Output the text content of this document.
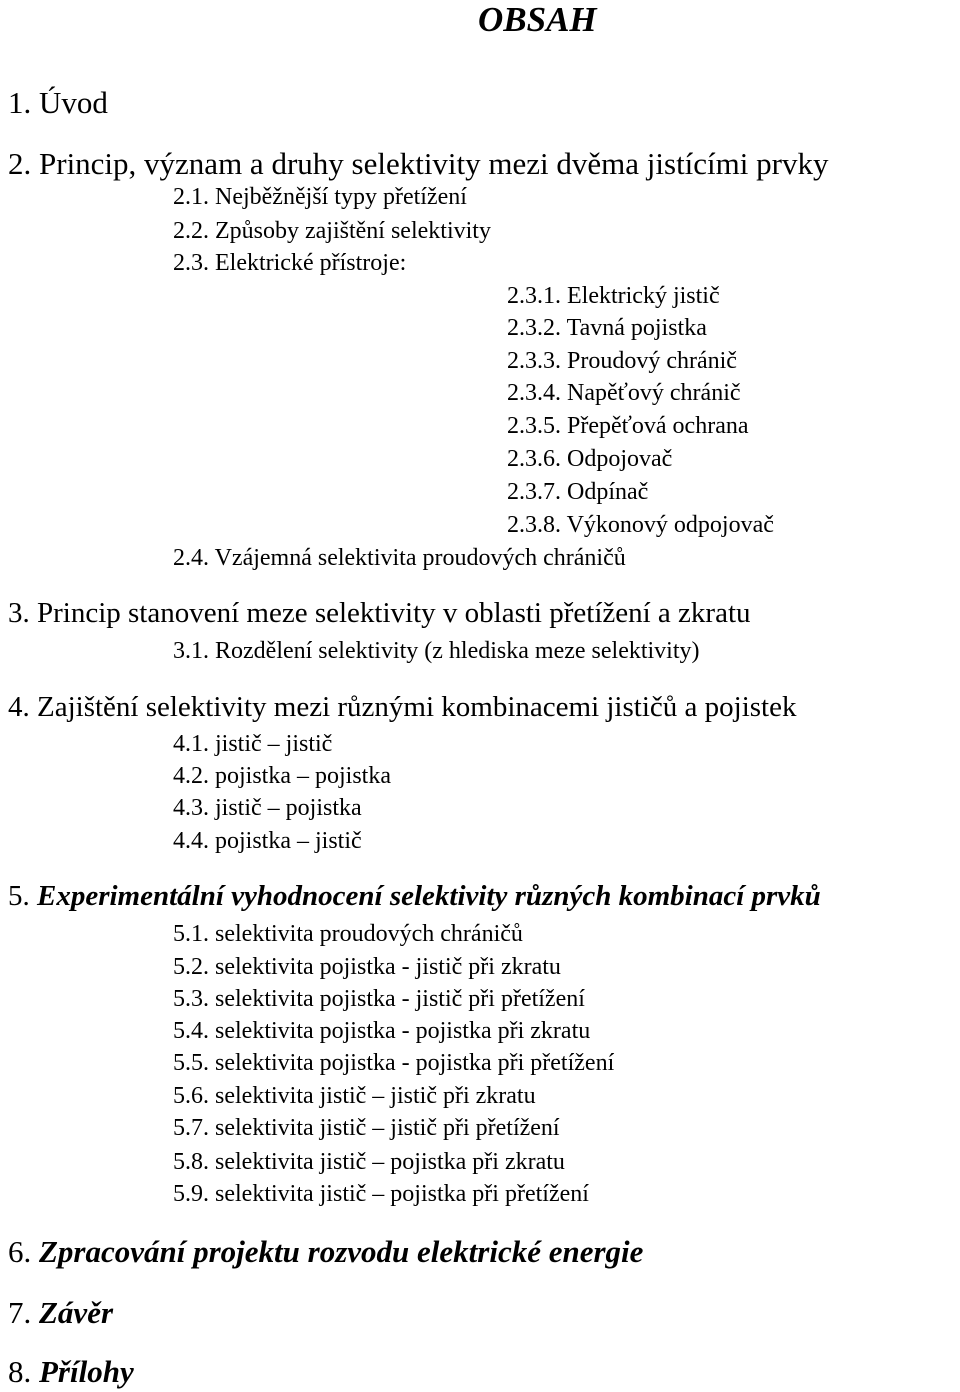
OBSAH
1. Úvod
2. Princip, význam a druhy selektivity mezi dvěma jistícími prvky
2.1. Nejběžnější typy přetížení
2.2. Způsoby zajištění selektivity
2.3. Elektrické přístroje:
2.3.1. Elektrický jistič
2.3.2. Tavná pojistka
2.3.3. Proudový chránič
2.3.4. Napěťový chránič
2.3.5. Přepěťová ochrana
2.3.6. Odpojovač
2.3.7. Odpínač
2.3.8. Výkonový odpojovač
2.4. Vzájemná selektivita proudových chráničů
3. Princip stanovení meze selektivity v oblasti přetížení a zkratu
3.1. Rozdělení selektivity (z hlediska meze selektivity)
4. Zajištění selektivity mezi různými kombinacemi jističů a pojistek
4.1. jistič – jistič
4.2. pojistka – pojistka
4.3. jistič – pojistka
4.4. pojistka – jistič
5. Experimentální vyhodnocení selektivity různých kombinací prvků
5.1. selektivita proudových chráničů
5.2. selektivita pojistka - jistič při zkratu
5.3. selektivita pojistka - jistič při přetížení
5.4. selektivita pojistka - pojistka při zkratu
5.5. selektivita pojistka - pojistka při přetížení
5.6. selektivita jistič – jistič při zkratu
5.7. selektivita jistič – jistič při přetížení
5.8. selektivita jistič – pojistka při zkratu
5.9. selektivita jistič – pojistka při přetížení
6. Zpracování projektu rozvodu elektrické energie
7. Závěr
8. Přílohy
